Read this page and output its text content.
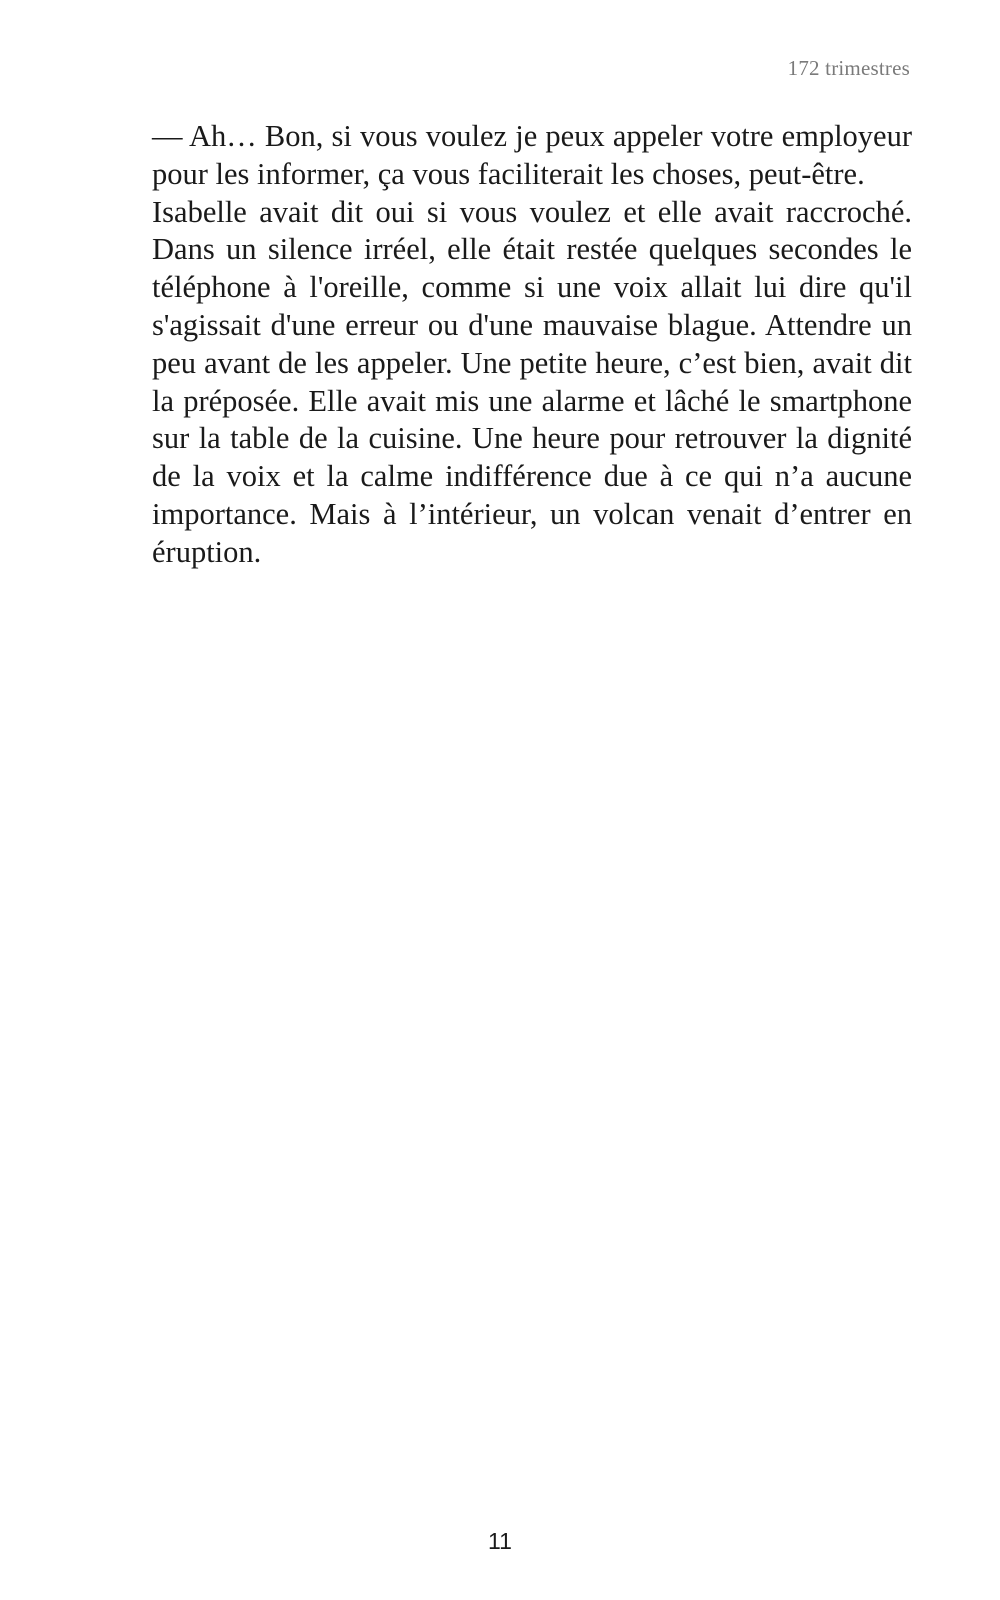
172 trimestres

— Ah… Bon, si vous voulez je peux appeler votre employeur pour les informer, ça vous faciliterait les choses, peut-être.

Isabelle avait dit oui si vous voulez et elle avait raccroché. Dans un silence irréel, elle était restée quelques secondes le téléphone à l'oreille, comme si une voix allait lui dire qu'il s'agissait d'une erreur ou d'une mauvaise blague. Attendre un peu avant de les appeler. Une petite heure, c’est bien, avait dit la préposée. Elle avait mis une alarme et lâché le smartphone sur la table de la cuisine. Une heure pour retrouver la dignité de la voix et la calme indifférence due à ce qui n’a aucune importance. Mais à l’intérieur, un volcan venait d’entrer en éruption.

11
